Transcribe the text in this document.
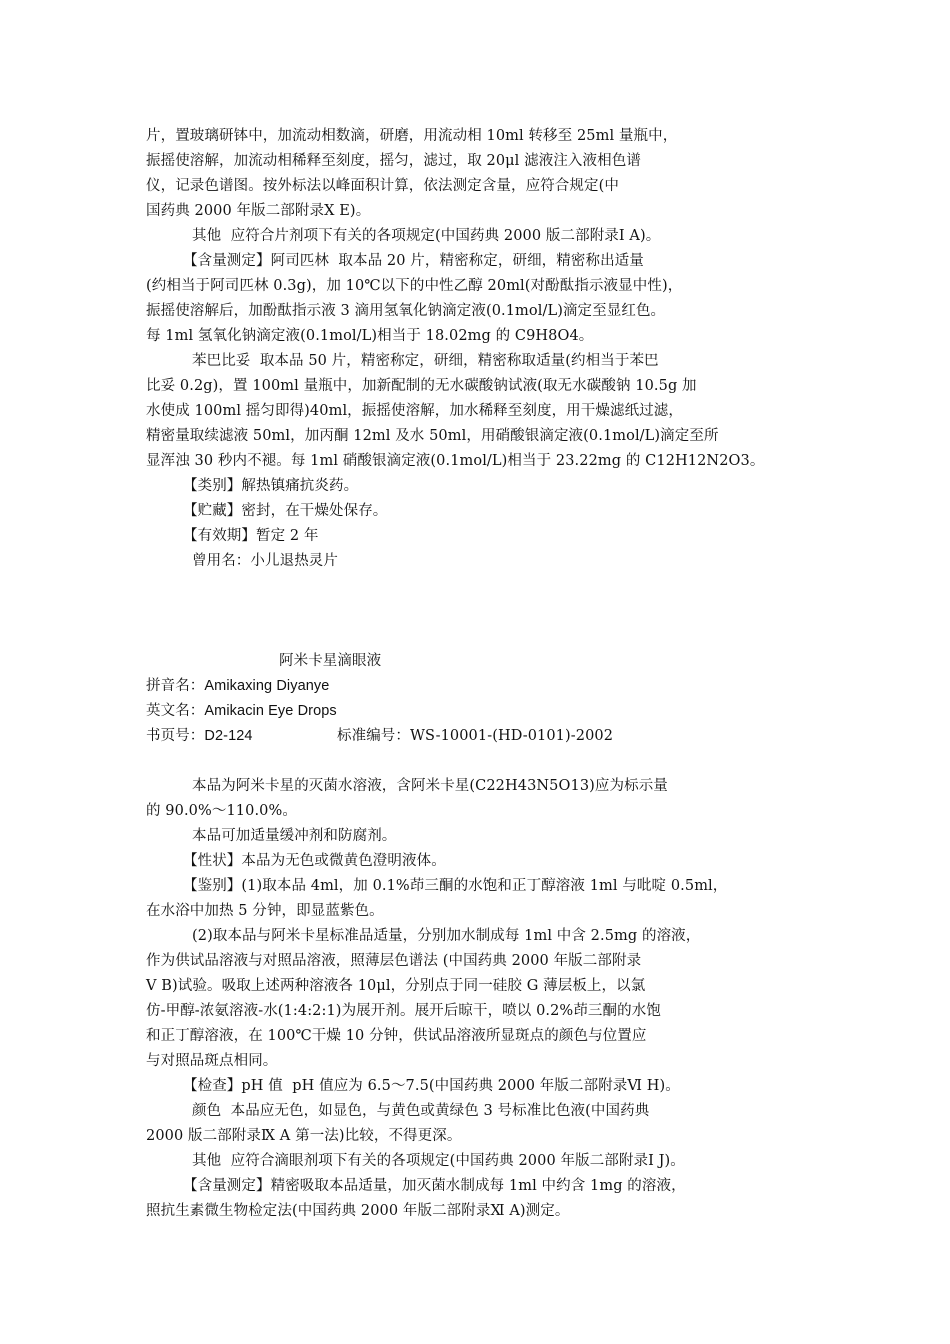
片，置玻璃研钵中，加流动相数滴，研磨，用流动相 10ml 转移至 25ml 量瓶中，
振摇使溶解，加流动相稀释至刻度，摇匀，滤过，取 20μl 滤液注入液相色谱
仪，记录色谱图。按外标法以峰面积计算，依法测定含量，应符合规定(中
国药典 2000 年版二部附录Ⅹ E)。
其他  应符合片剂项下有关的各项规定(中国药典 2000 版二部附录Ⅰ A)。
【含量测定】阿司匹林  取本品 20 片，精密称定，研细，精密称出适量
(约相当于阿司匹林 0.3g)，加 10℃以下的中性乙醇 20ml(对酚酞指示液显中性)，
振摇使溶解后，加酚酞指示液 3 滴用氢氧化钠滴定液(0.1mol/L)滴定至显红色。
每 1ml 氢氧化钠滴定液(0.1mol/L)相当于 18.02mg 的 C9H8O4。
苯巴比妥  取本品 50 片，精密称定，研细，精密称取适量(约相当于苯巴
比妥 0.2g)，置 100ml 量瓶中，加新配制的无水碳酸钠试液(取无水碳酸钠 10.5g 加
水使成 100ml 摇匀即得)40ml，振摇使溶解，加水稀释至刻度，用干燥滤纸过滤，
精密量取续滤液 50ml，加丙酮 12ml 及水 50ml，用硝酸银滴定液(0.1mol/L)滴定至所
显浑浊 30 秒内不褪。每 1ml 硝酸银滴定液(0.1mol/L)相当于 23.22mg 的 C12H12N2O3。
【类别】解热镇痛抗炎药。
【贮藏】密封，在干燥处保存。
【有效期】暂定 2 年
曾用名：小儿退热灵片
阿米卡星滴眼液
拼音名：Amikaxing Diyanye
英文名：Amikacin Eye Drops
书页号：D2-124	标准编号：WS-10001-(HD-0101)-2002
本品为阿米卡星的灭菌水溶液，含阿米卡星(C22H43N5O13)应为标示量
的 90.0%～110.0%。
本品可加适量缓冲剂和防腐剂。
【性状】本品为无色或微黄色澄明液体。
【鉴别】(1)取本品 4ml，加 0.1%茚三酮的水饱和正丁醇溶液 1ml 与吡啶 0.5ml，
在水浴中加热 5 分钟，即显蓝紫色。
(2)取本品与阿米卡星标准品适量，分别加水制成每 1ml 中含 2.5mg 的溶液，
作为供试品溶液与对照品溶液，照薄层色谱法 (中国药典 2000 年版二部附录
Ⅴ B)试验。吸取上述两种溶液各 10μl，分别点于同一硅胶 G 薄层板上，以氯
仿-甲醇-浓氨溶液-水(1:4:2:1)为展开剂。展开后晾干，喷以 0.2%茚三酮的水饱
和正丁醇溶液，在 100℃干燥 10 分钟，供试品溶液所显斑点的颜色与位置应
与对照品斑点相同。
【检查】pH 值  pH 值应为 6.5～7.5(中国药典 2000 年版二部附录Ⅵ H)。
颜色  本品应无色，如显色，与黄色或黄绿色 3 号标准比色液(中国药典
2000 版二部附录Ⅸ A 第一法)比较，不得更深。
其他  应符合滴眼剂项下有关的各项规定(中国药典 2000 年版二部附录Ⅰ J)。
【含量测定】精密吸取本品适量，加灭菌水制成每 1ml 中约含 1mg 的溶液，
照抗生素微生物检定法(中国药典 2000 年版二部附录Ⅺ A)测定。
